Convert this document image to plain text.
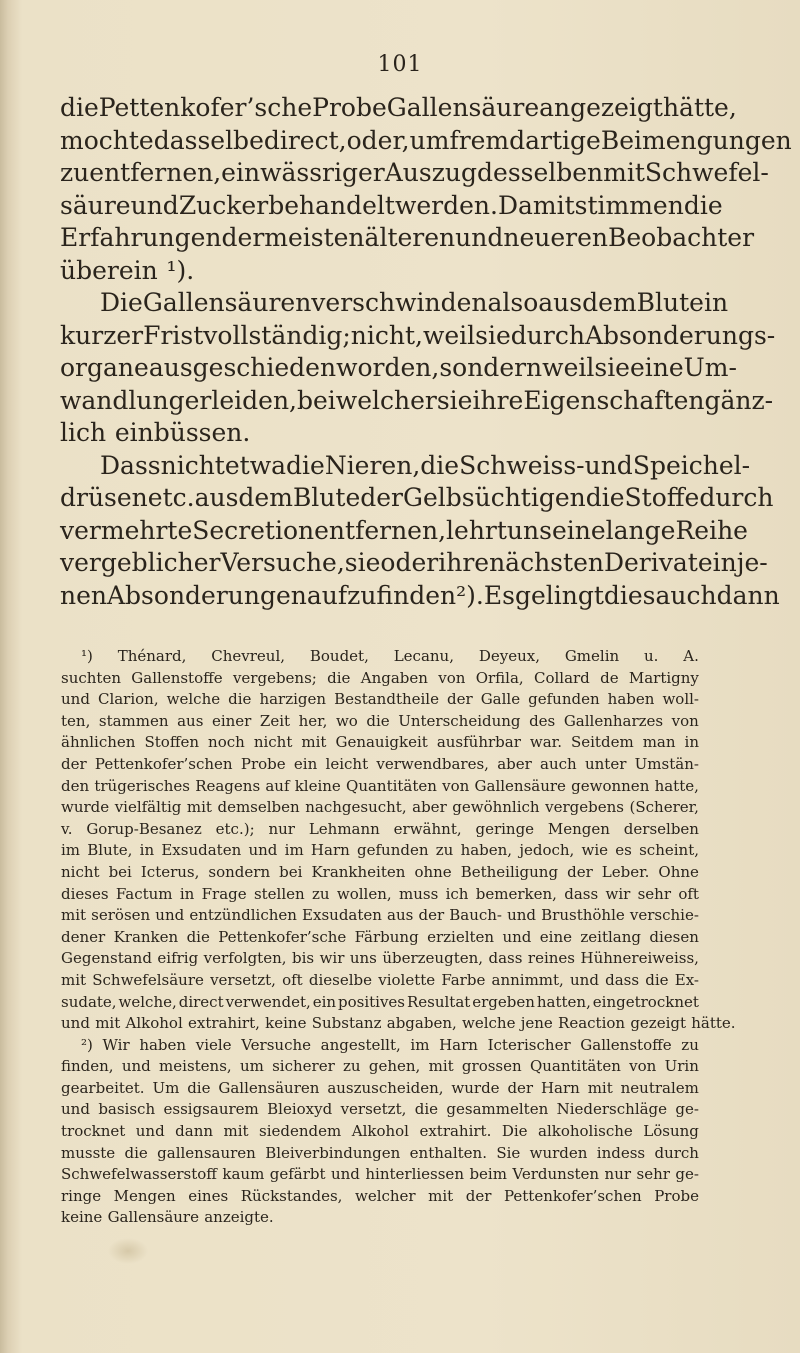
101
die Pettenkofer’sche Probe Gallensäure angezeigt hätte,
mochte dasselbe direct, oder, um fremdartige Beimengungen
zu entfernen, ein wässriger Auszug desselben mit Schwefel-
säure und Zucker behandelt werden. Damit stimmen die
Erfahrungen der meisten älteren und neueren Beobachter
überein ¹).
Die Gallensäuren verschwinden also aus dem Blute in
kurzer Frist vollständig; nicht, weil sie durch Absonderungs-
organe ausgeschieden worden, sondern weil sie eine Um-
wandlung erleiden, bei welcher sie ihre Eigenschaften gänz-
lich einbüssen.
Dass nicht etwa die Nieren, die Schweiss- und Speichel-
drüsen etc. aus dem Blute der Gelbsüchtigen die Stoffe durch
vermehrte Secretion entfernen, lehrt uns eine lange Reihe
vergeblicher Versuche, sie oder ihre nächsten Derivate in je-
nen Absonderungen aufzufinden ²). Es gelingt dies auch dann
¹) Thénard, Chevreul, Boudet, Lecanu, Deyeux, Gmelin u. A.
suchten Gallenstoffe vergebens; die Angaben von Orfila, Collard de Martigny
und Clarion, welche die harzigen Bestandtheile der Galle gefunden haben woll-
ten, stammen aus einer Zeit her, wo die Unterscheidung des Gallenharzes von
ähnlichen Stoffen noch nicht mit Genauigkeit ausführbar war. Seitdem man in
der Pettenkofer’schen Probe ein leicht verwendbares, aber auch unter Umstän-
den trügerisches Reagens auf kleine Quantitäten von Gallensäure gewonnen hatte,
wurde vielfältig mit demselben nachgesucht, aber gewöhnlich vergebens (Scherer,
v. Gorup-Besanez etc.); nur Lehmann erwähnt, geringe Mengen derselben
im Blute, in Exsudaten und im Harn gefunden zu haben, jedoch, wie es scheint,
nicht bei Icterus, sondern bei Krankheiten ohne Betheiligung der Leber. Ohne
dieses Factum in Frage stellen zu wollen, muss ich bemerken, dass wir sehr oft
mit serösen und entzündlichen Exsudaten aus der Bauch- und Brusthöhle verschie-
dener Kranken die Pettenkofer’sche Färbung erzielten und eine zeitlang diesen
Gegenstand eifrig verfolgten, bis wir uns überzeugten, dass reines Hühnereiweiss,
mit Schwefelsäure versetzt, oft dieselbe violette Farbe annimmt, und dass die Ex-
sudate, welche, direct verwendet, ein positives Resultat ergeben hatten, eingetrocknet
und mit Alkohol extrahirt, keine Substanz abgaben, welche jene Reaction gezeigt hätte.
²) Wir haben viele Versuche angestellt, im Harn Icterischer Gallenstoffe zu
finden, und meistens, um sicherer zu gehen, mit grossen Quantitäten von Urin
gearbeitet. Um die Gallensäuren auszuscheiden, wurde der Harn mit neutralem
und basisch essigsaurem Bleioxyd versetzt, die gesammelten Niederschläge ge-
trocknet und dann mit siedendem Alkohol extrahirt. Die alkoholische Lösung
musste die gallensauren Bleiverbindungen enthalten. Sie wurden indess durch
Schwefelwasserstoff kaum gefärbt und hinterliessen beim Verdunsten nur sehr ge-
ringe Mengen eines Rückstandes, welcher mit der Pettenkofer’schen Probe
keine Gallensäure anzeigte.
